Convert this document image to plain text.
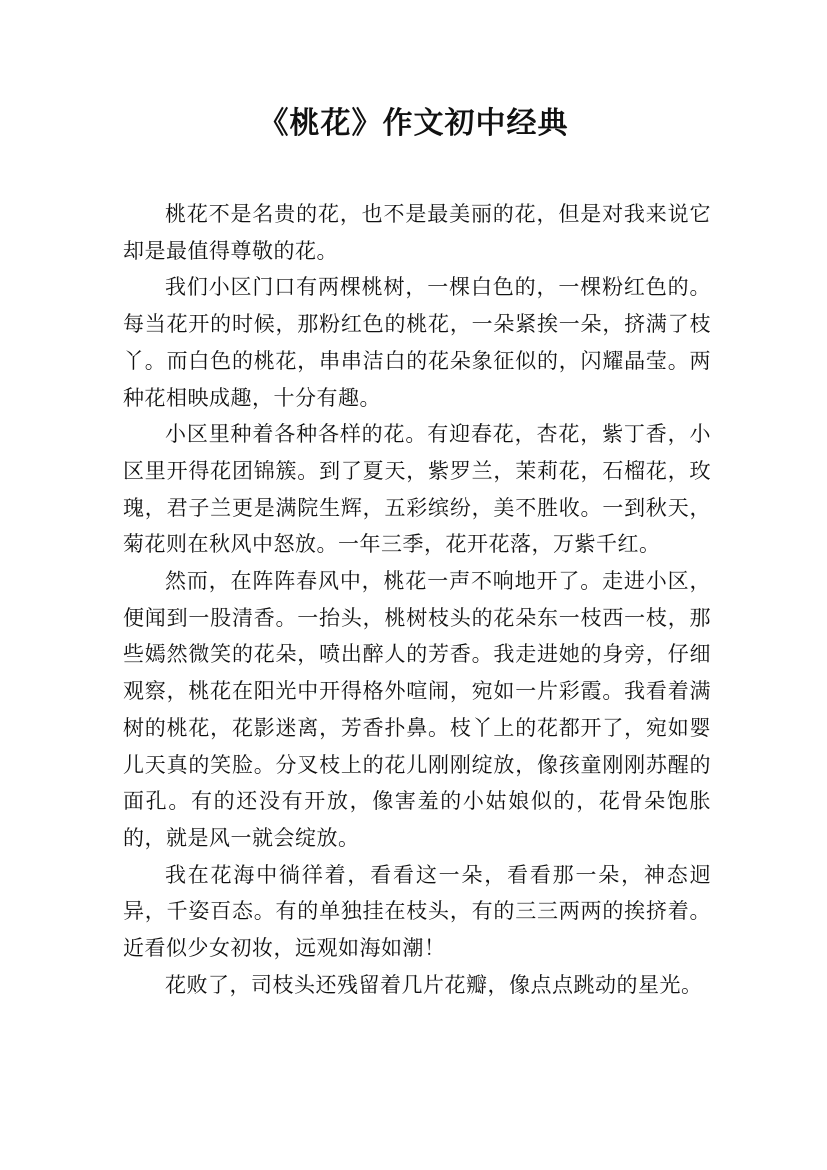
《桃花》作文初中经典

桃花不是名贵的花，也不是最美丽的花，但是对我来说它却是最值得尊敬的花。

我们小区门口有两棵桃树，一棵白色的，一棵粉红色的。每当花开的时候，那粉红色的桃花，一朵紧挨一朵，挤满了枝丫。而白色的桃花，串串洁白的花朵象征似的，闪耀晶莹。两种花相映成趣，十分有趣。

小区里种着各种各样的花。有迎春花，杏花，紫丁香，小区里开得花团锦簇。到了夏天，紫罗兰，茉莉花，石榴花，玫瑰，君子兰更是满院生辉，五彩缤纷，美不胜收。一到秋天，菊花则在秋风中怒放。一年三季，花开花落，万紫千红。

然而，在阵阵春风中，桃花一声不响地开了。走进小区，便闻到一股清香。一抬头，桃树枝头的花朵东一枝西一枝，那些嫣然微笑的花朵，喷出醉人的芳香。我走进她的身旁，仔细观察，桃花在阳光中开得格外喧闹，宛如一片彩霞。我看着满树的桃花，花影迷离，芳香扑鼻。枝丫上的花都开了，宛如婴儿天真的笑脸。分叉枝上的花儿刚刚绽放，像孩童刚刚苏醒的面孔。有的还没有开放，像害羞的小姑娘似的，花骨朵饱胀的，就是风一就会绽放。

我在花海中徜徉着，看看这一朵，看看那一朵，神态迥异，千姿百态。有的单独挂在枝头，有的三三两两的挨挤着。近看似少女初妆，远观如海如潮！

花败了，司枝头还残留着几片花瓣，像点点跳动的星光。
